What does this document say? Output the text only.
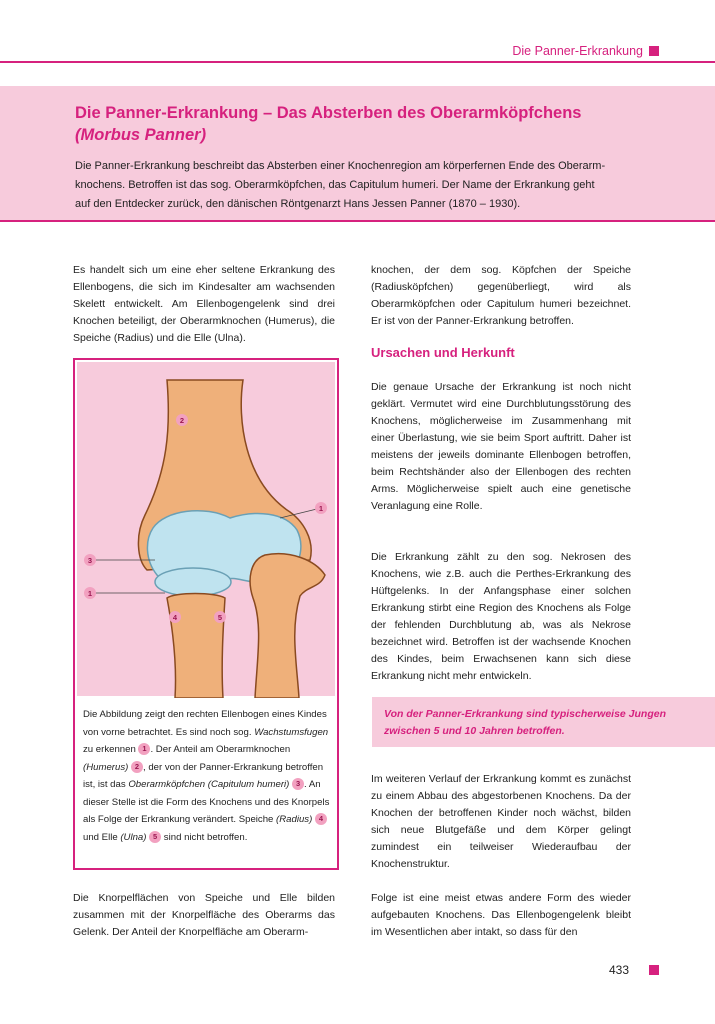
Die Panner-Erkrankung
Die Panner-Erkrankung – Das Absterben des Oberarmköpfchens
(Morbus Panner)
Die Panner-Erkrankung beschreibt das Absterben einer Knochenregion am körperfernen Ende des Oberarm-
knochens. Betroffen ist das sog. Oberarmköpfchen, das Capitulum humeri. Der Name der Erkrankung geht
auf den Entdecker zurück, den dänischen Röntgenarzt Hans Jessen Panner (1870 – 1930).

Es handelt sich um eine eher seltene Erkrankung des Ellenbogens, die sich im Kindesalter am wachsenden Skelett entwickelt. Am Ellenbogengelenk sind drei Knochen beteiligt, der Oberarmknochen (Humerus), die Speiche (Radius) und die Elle (Ulna).

2
1
3
1
4	5
Die Abbildung zeigt den rechten Ellenbogen eines Kindes von vorne betrachtet. Es sind noch sog. Wachstumsfugen zu erkennen 1 . Der Anteil am Oberarmknochen (Humerus) 2 , der von der Panner-Erkrankung betroffen ist, ist das Oberarmköpfchen (Capitulum humeri) 3 . An dieser Stelle ist die Form des Knochens und des Knorpels als Folge der Erkrankung verändert. Speiche (Radius) 4 und Elle (Ulna) 5 sind nicht betroffen.

Die Knorpelflächen von Speiche und Elle bilden zusammen mit der Knorpelfläche des Oberarms das Gelenk. Der Anteil der Knorpelfläche am Oberarm-

knochen, der dem sog. Köpfchen der Speiche (Radiusköpfchen) gegenüberliegt, wird als Oberarmköpfchen oder Capitulum humeri bezeichnet. Er ist von der Panner-Erkrankung betroffen.

Ursachen und Herkunft

Die genaue Ursache der Erkrankung ist noch nicht geklärt. Vermutet wird eine Durchblutungsstörung des Knochens, möglicherweise im Zusammenhang mit einer Überlastung, wie sie beim Sport auftritt. Daher ist meistens der jeweils dominante Ellenbogen betroffen, beim Rechtshänder also der Ellenbogen des rechten Arms. Möglicherweise spielt auch eine genetische Veranlagung eine Rolle.

Die Erkrankung zählt zu den sog. Nekrosen des Knochens, wie z.B. auch die Perthes-Erkrankung des Hüftgelenks. In der Anfangsphase einer solchen Erkrankung stirbt eine Region des Knochens als Folge der fehlenden Durchblutung ab, was als Nekrose bezeichnet wird. Betroffen ist der wachsende Knochen des Kindes, beim Erwachsenen kann sich diese Erkrankung nicht mehr entwickeln.

Von der Panner-Erkrankung sind typischerweise Jungen zwischen 5 und 10 Jahren betroffen.

Im weiteren Verlauf der Erkrankung kommt es zunächst zu einem Abbau des abgestorbenen Knochens. Da der Knochen der betroffenen Kinder noch wächst, bilden sich neue Blutgefäße und dem Körper gelingt zumindest ein teilweiser Wiederaufbau der Knochenstruktur.

Folge ist eine meist etwas andere Form des wieder aufgebauten Knochens. Das Ellenbogengelenk bleibt im Wesentlichen aber intakt, so dass für den

433
